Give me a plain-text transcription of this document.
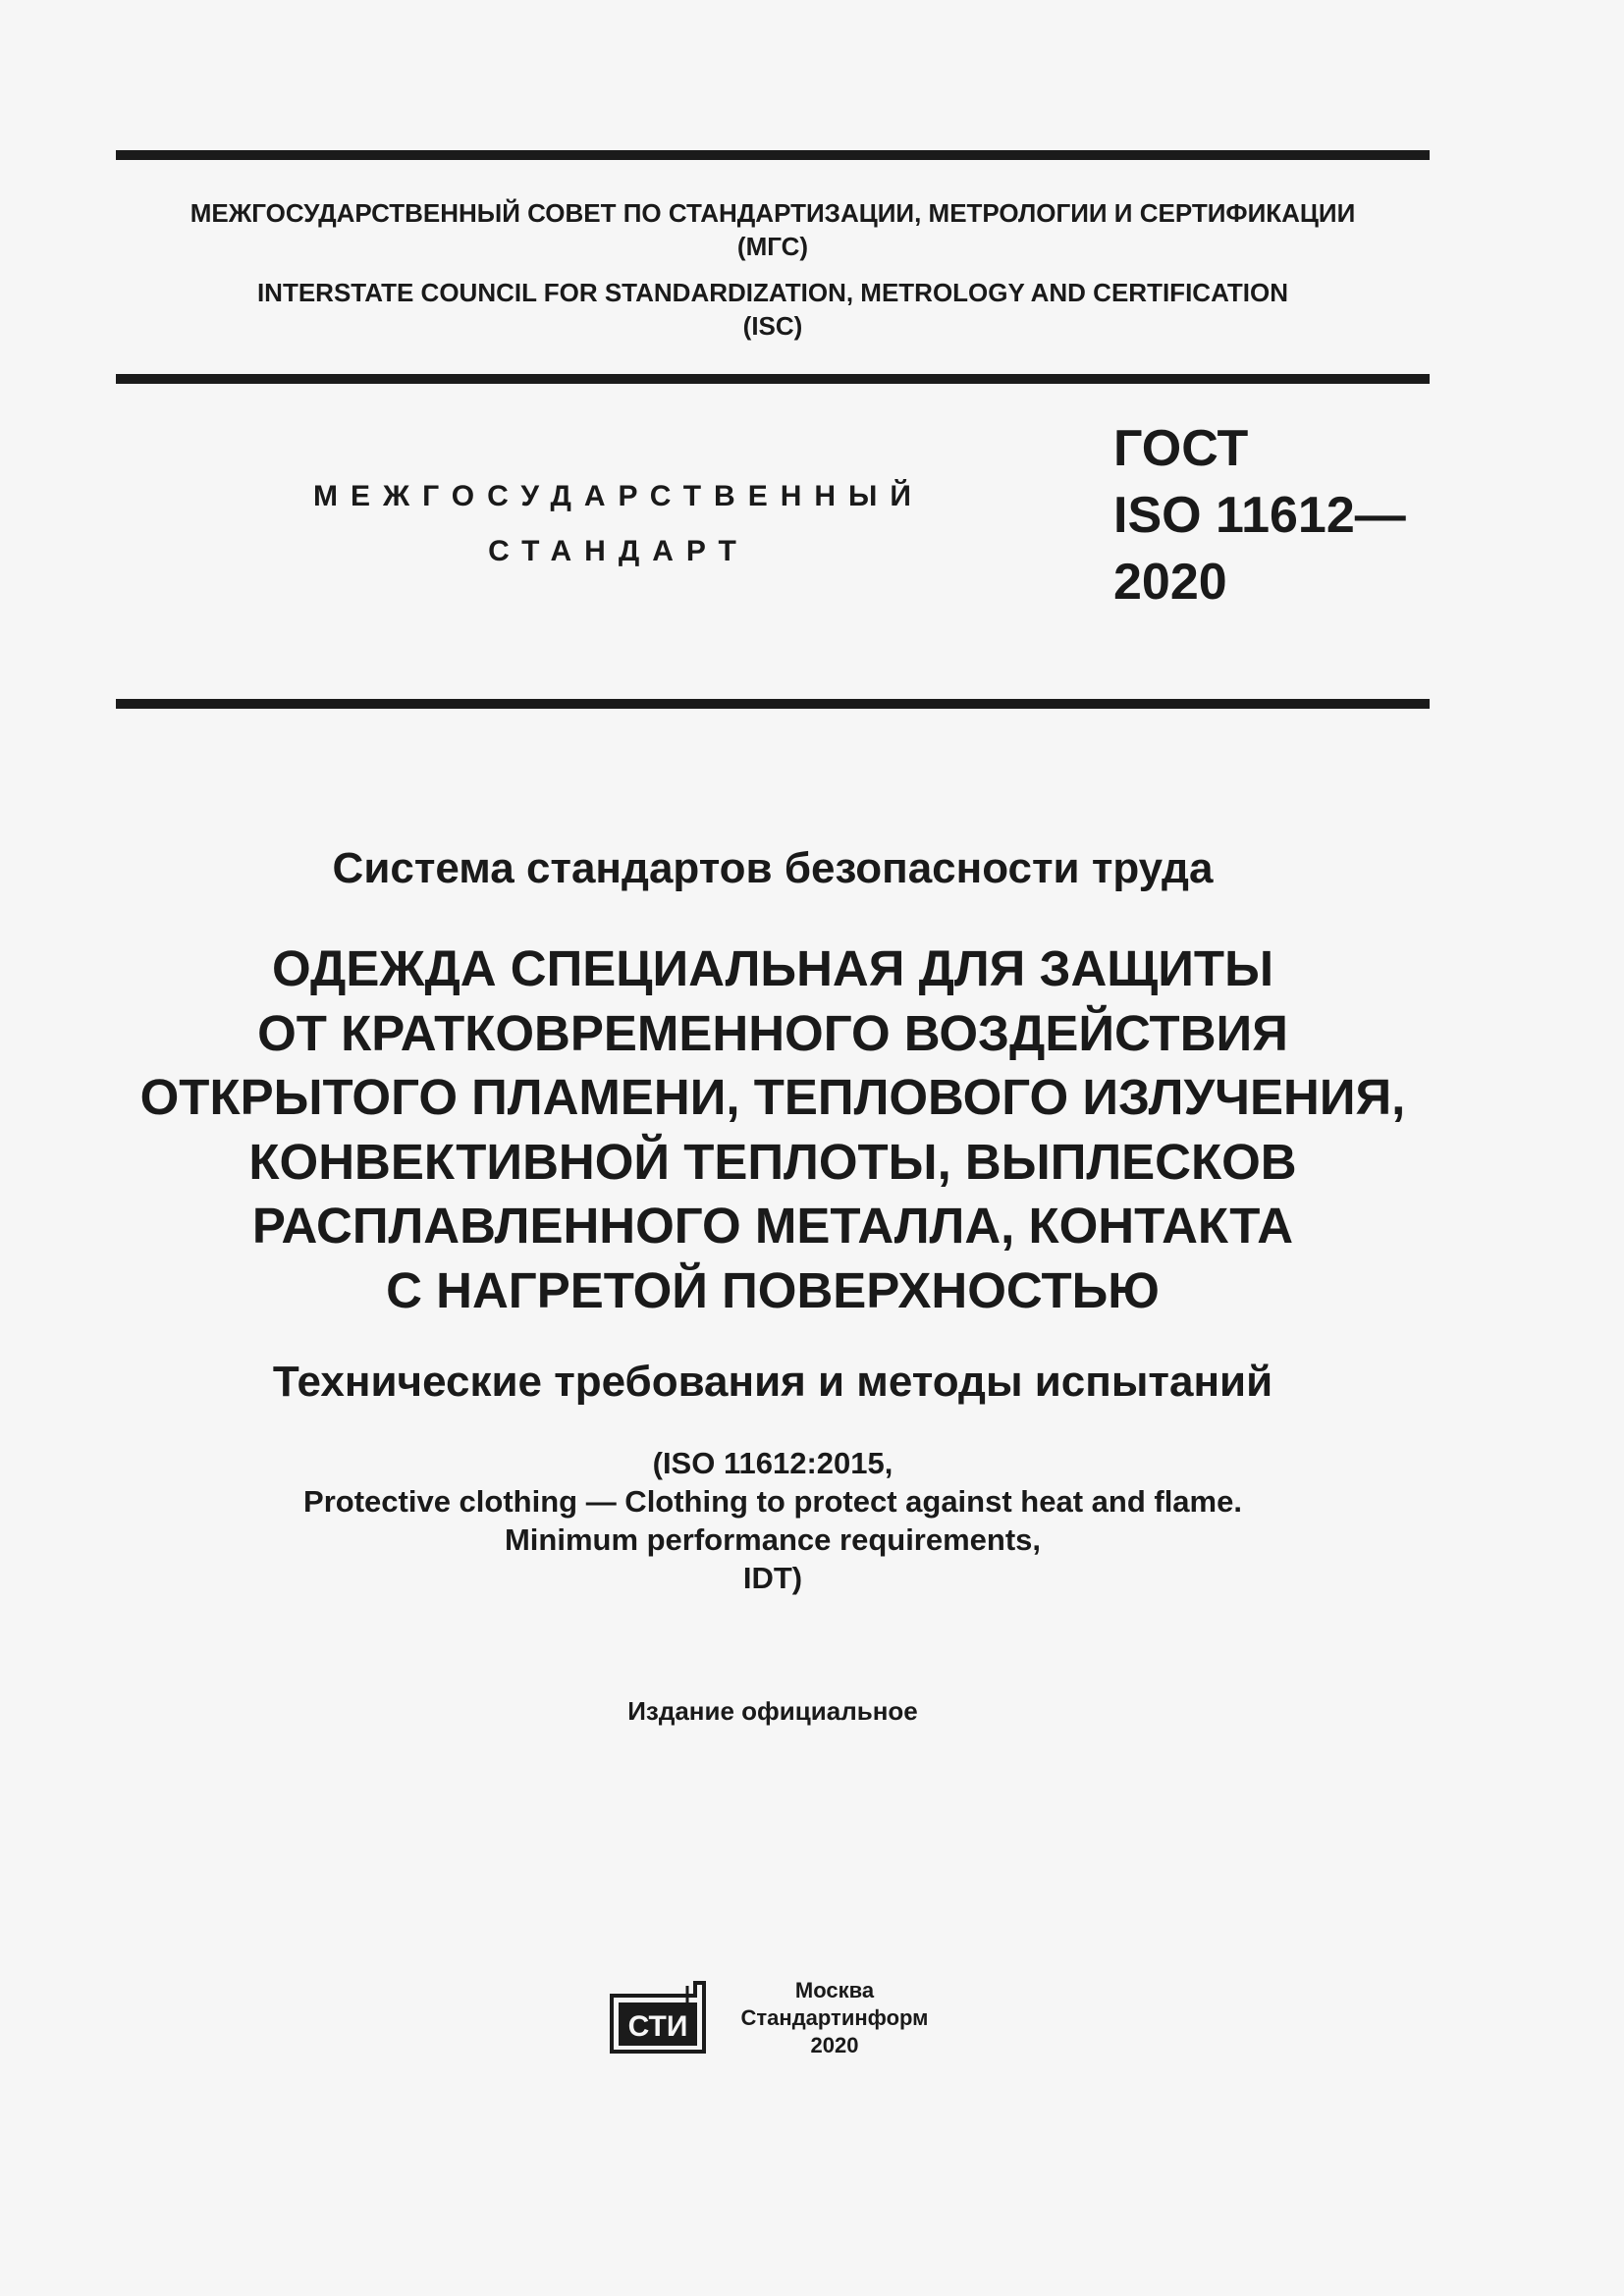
МЕЖГОСУДАРСТВЕННЫЙ СОВЕТ ПО СТАНДАРТИЗАЦИИ, МЕТРОЛОГИИ И СЕРТИФИКАЦИИ
(МГС)
INTERSTATE COUNCIL FOR STANDARDIZATION, METROLOGY AND CERTIFICATION
(ISC)
МЕЖГОСУДАРСТВЕННЫЙ
СТАНДАРТ
ГОСТ
ISO 11612—
2020
Система стандартов безопасности труда
ОДЕЖДА СПЕЦИАЛЬНАЯ ДЛЯ ЗАЩИТЫ
ОТ КРАТКОВРЕМЕННОГО ВОЗДЕЙСТВИЯ
ОТКРЫТОГО ПЛАМЕНИ, ТЕПЛОВОГО ИЗЛУЧЕНИЯ,
КОНВЕКТИВНОЙ ТЕПЛОТЫ, ВЫПЛЕСКОВ
РАСПЛАВЛЕННОГО МЕТАЛЛА, КОНТАКТА
С НАГРЕТОЙ ПОВЕРХНОСТЬЮ
Технические требования и методы испытаний
(ISO 11612:2015,
Protective clothing — Clothing to protect against heat and flame.
Minimum performance requirements,
IDT)
Издание официальное
СТИ
Москва
Стандартинформ
2020
